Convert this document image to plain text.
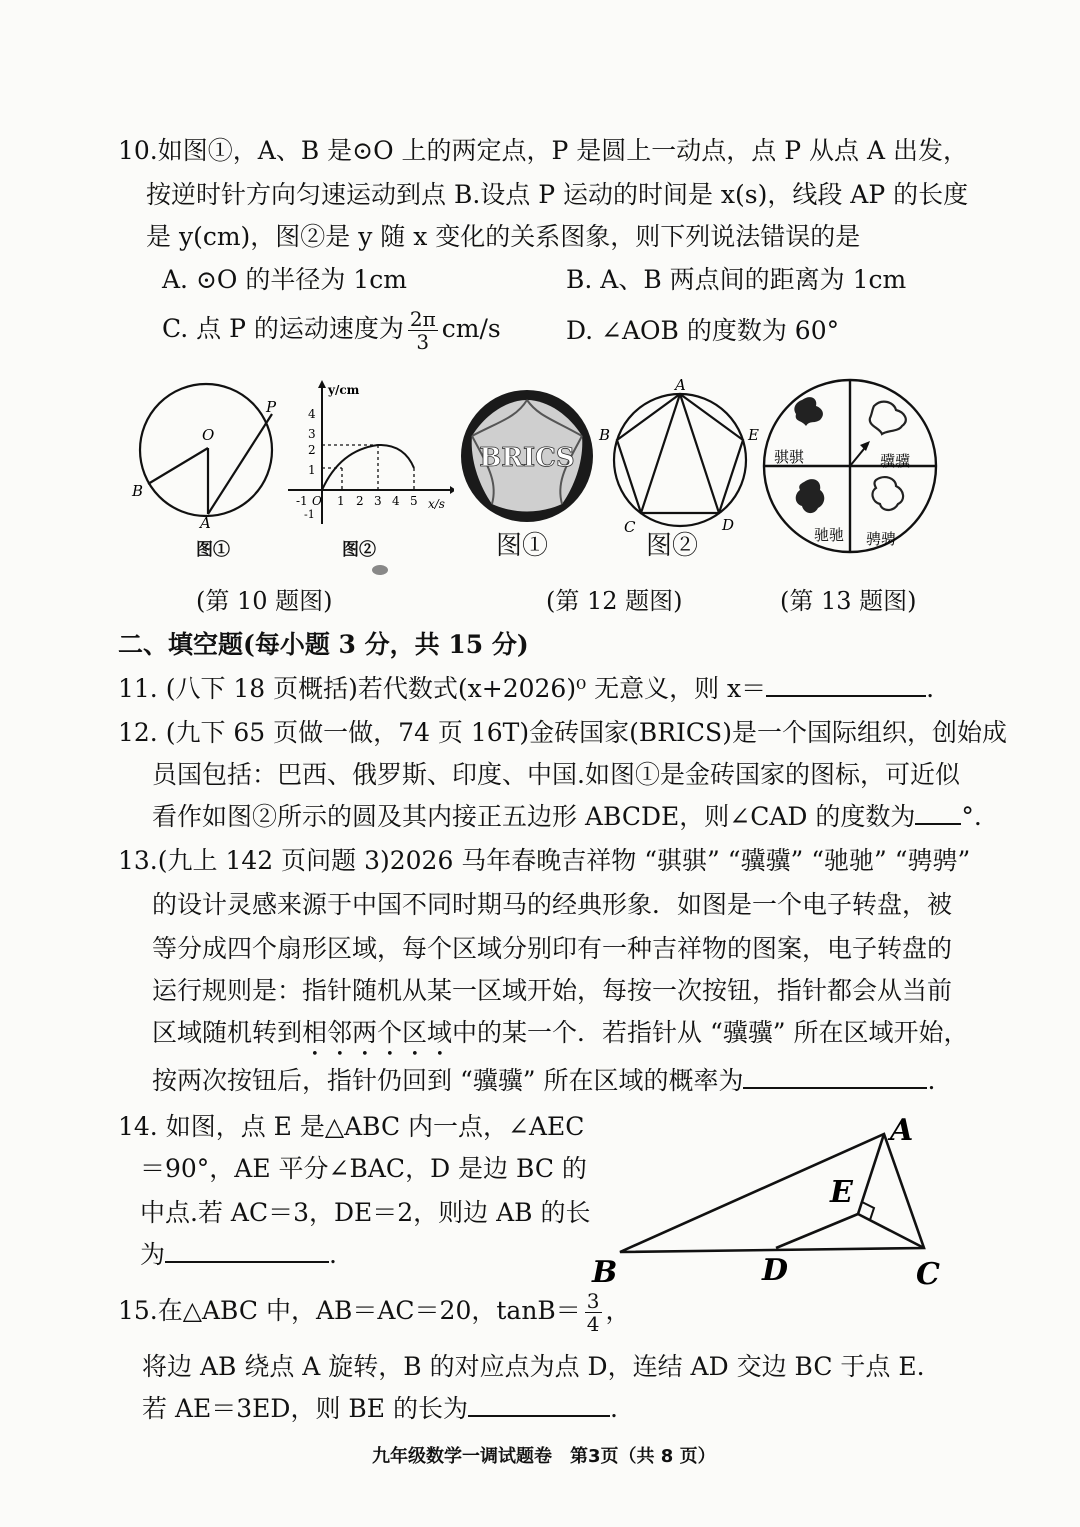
10.如图①，A、B 是⊙O 上的两定点，P 是圆上一动点，点 P 从点 A 出发，
按逆时针方向匀速运动到点 B.设点 P 运动的时间是 x(s)，线段 AP 的长度
是 y(cm)，图②是 y 随 x 变化的关系图象，则下列说法错误的是
A. ⊙O 的半径为 1cm	B. A、B 两点间的距离为 1cm
C. 点 P 的运动速度为 $\frac{2\pi}{3} cm/s$	D. ∠AOB 的度数为 60°
O
P
B
A
图①
y/cm
x/s
4
3
2
1
-1
-1 O 1 2 3 4 5
图②
BRICS
图①
A
B	E
C	D
图②
骐骐	骥骥
驰驰 骋骋
(第 10 题图)	(第 12 题图)	(第 13 题图)
二、填空题(每小题 3 分，共 15 分)
11. (八下 18 页概括)若代数式(x+2026)⁰ 无意义，则 x＝	.
12. (九下 65 页做一做，74 页 16T)金砖国家(BRICS)是一个国际组织，创始成
员国包括：巴西、俄罗斯、印度、中国.如图①是金砖国家的图标，可近似
看作如图②所示的圆及其内接正五边形 ABCDE，则∠CAD 的度数为 °.
13.(九上 142 页问题 3)2026 马年春晚吉祥物 “骐骐” “骥骥” “驰驰” “骋骋”
的设计灵感来源于中国不同时期马的经典形象．如图是一个电子转盘，被
等分成四个扇形区域，每个区域分别印有一种吉祥物的图案，电子转盘的
运行规则是：指针随机从某一区域开始，每按一次按钮，指针都会从当前
区域随机转到相邻两个区域中的某一个．若指针从 “骥骥” 所在区域开始，
按两次按钮后，指针仍回到 “骥骥” 所在区域的概率为	.
14. 如图，点 E 是△ABC 内一点，∠AEC
＝90°，AE 平分∠BAC，D 是边 BC 的
中点.若 AC＝3，DE＝2，则边 AB 的长
为	.
A
E
B	D	C
15.在△ABC 中，AB＝AC＝20，$\tan B= \frac{3}{4}$ ，
将边 AB 绕点 A 旋转，B 的对应点为点 D，连结 AD 交边 BC 于点 E.
若 AE＝3ED，则 BE 的长为	.
九年级数学一调试题卷　第3页（共 8 页）
